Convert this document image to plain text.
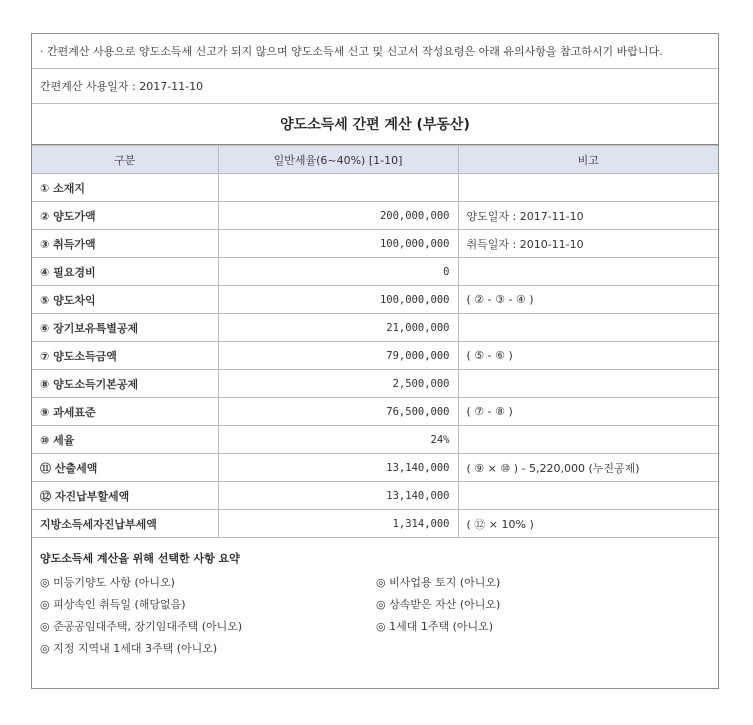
· 간편계산 사용으로 양도소득세 신고가 되지 않으며 양도소득세 신고 및 신고서 작성요령은 아래 유의사항을 참고하시기 바랍니다.
간편계산 사용일자 : 2017-11-10
양도소득세 간편 계산 (부동산)
구분	일반세율(6~40%) [1-10]	비고
① 소재지		
② 양도가액	200,000,000	양도일자 : 2017-11-10
③ 취득가액	100,000,000	취득일자 : 2010-11-10
④ 필요경비	0	
⑤ 양도차익	100,000,000	( ② - ③ - ④ )
⑥ 장기보유특별공제	21,000,000	
⑦ 양도소득금액	79,000,000	( ⑤ - ⑥ )
⑧ 양도소득기본공제	2,500,000	
⑨ 과세표준	76,500,000	( ⑦ - ⑧ )
⑩ 세율	24%	
⑪ 산출세액	13,140,000	( ⑨ × ⑩ ) - 5,220,000 (누진공제)
⑫ 자진납부할세액	13,140,000	
지방소득세자진납부세액	1,314,000	( ⑫ × 10% )
양도소득세 계산을 위해 선택한 사항 요약
◎ 미등기양도 사항 (아니오)	◎ 비사업용 토지 (아니오)
◎ 피상속인 취득일 (해당없음)	◎ 상속받은 자산 (아니오)
◎ 준공공임대주택, 장기임대주택 (아니오)	◎ 1세대 1주택 (아니오)
◎ 지정 지역내 1세대 3주택 (아니오)
